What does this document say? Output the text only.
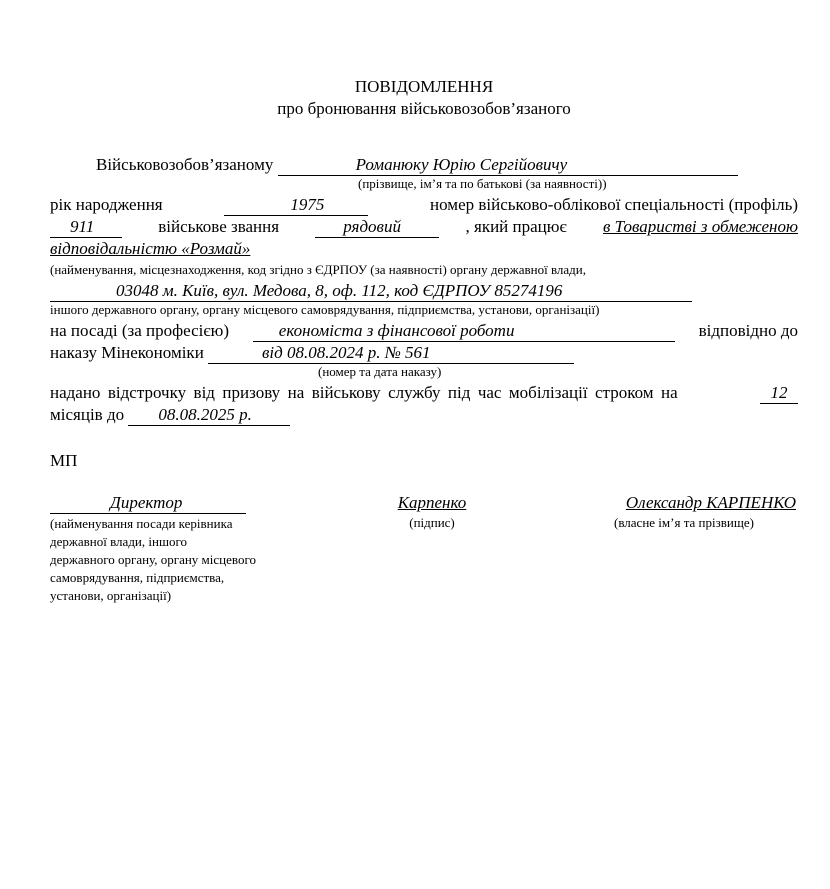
ПОВІДОМЛЕННЯ
про бронювання військовозобов’язаного
Військовозобов’язаному	Романюку Юрію Сергійовичу
(прізвище, ім’я та по батькові (за наявності))
рік народження	1975	номер військово-облікової спеціальності (профіль)
911	військове звання	рядовий	, який працює в Товаристві з обмеженою
відповідальністю «Розмай»
(найменування, місцезнаходження, код згідно з ЄДРПОУ (за наявності) органу державної влади,
03048 м. Київ, вул. Медова, 8, оф. 112, код ЄДРПОУ 85274196
іншого державного органу, органу місцевого самоврядування, підприємства, установи, організації)
на посаді (за професією)	економіста з фінансової роботи	відповідно до
наказу Мінекономіки	від 08.08.2024 р. № 561
(номер та дата наказу)
надано відстрочку від призову на військову службу під час мобілізації строком на	12
місяців до 08.08.2025 р.
МП
Директор
(найменування посади керівника
державної влади, іншого
державного органу, органу місцевого
самоврядування, підприємства,
установи, організації)
Карпенко
(підпис)
Олександр КАРПЕНКО
(власне ім’я та прізвище)
